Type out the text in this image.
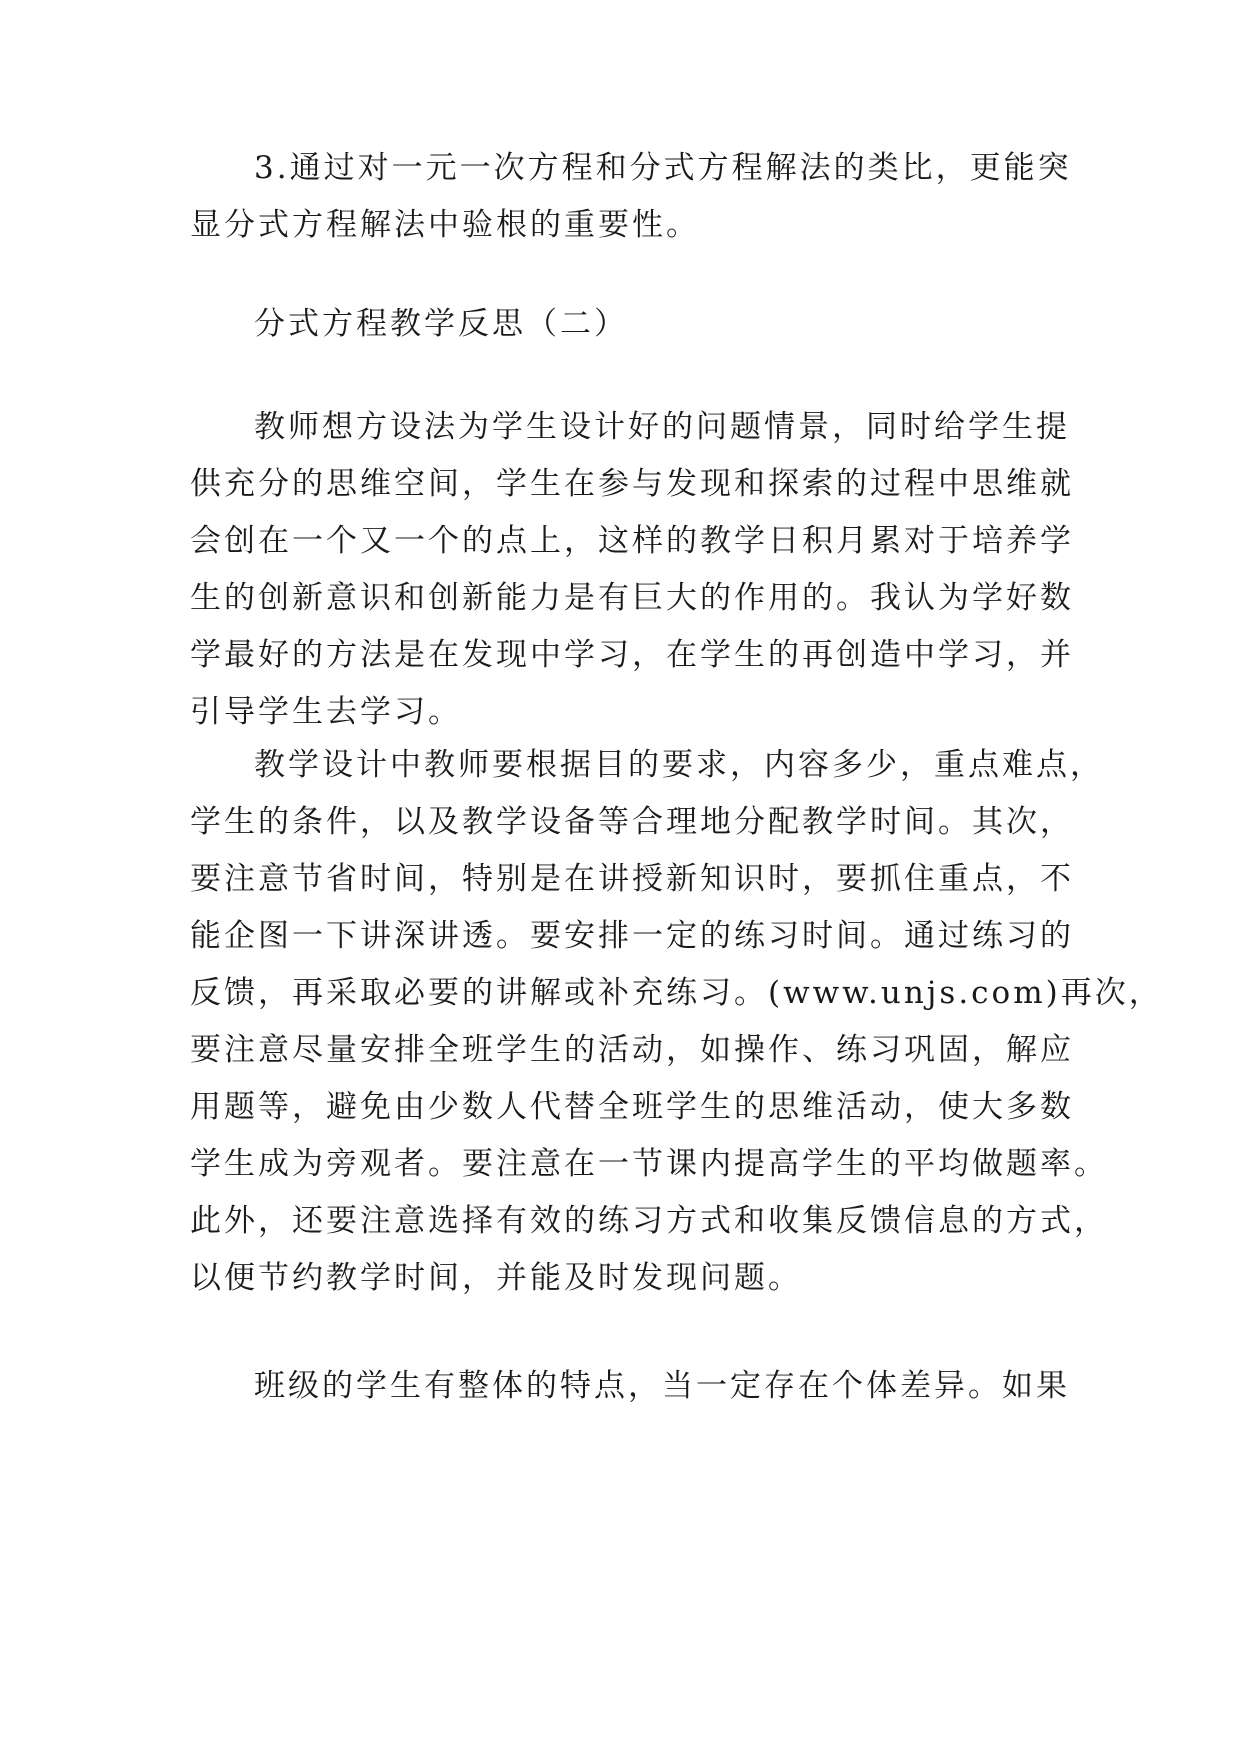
3.通过对一元一次方程和分式方程解法的类比，更能突
显分式方程解法中验根的重要性。
分式方程教学反思（二）
教师想方设法为学生设计好的问题情景，同时给学生提
供充分的思维空间，学生在参与发现和探索的过程中思维就
会创在一个又一个的点上，这样的教学日积月累对于培养学
生的创新意识和创新能力是有巨大的作用的。我认为学好数
学最好的方法是在发现中学习，在学生的再创造中学习，并
引导学生去学习。
教学设计中教师要根据目的要求，内容多少，重点难点，
学生的条件，以及教学设备等合理地分配教学时间。其次，
要注意节省时间，特别是在讲授新知识时，要抓住重点，不
能企图一下讲深讲透。要安排一定的练习时间。通过练习的
反馈，再采取必要的讲解或补充练习。(www.unjs.com)再次，
要注意尽量安排全班学生的活动，如操作、练习巩固，解应
用题等，避免由少数人代替全班学生的思维活动，使大多数
学生成为旁观者。要注意在一节课内提高学生的平均做题率。
此外，还要注意选择有效的练习方式和收集反馈信息的方式，
以便节约教学时间，并能及时发现问题。
班级的学生有整体的特点，当一定存在个体差异。如果
